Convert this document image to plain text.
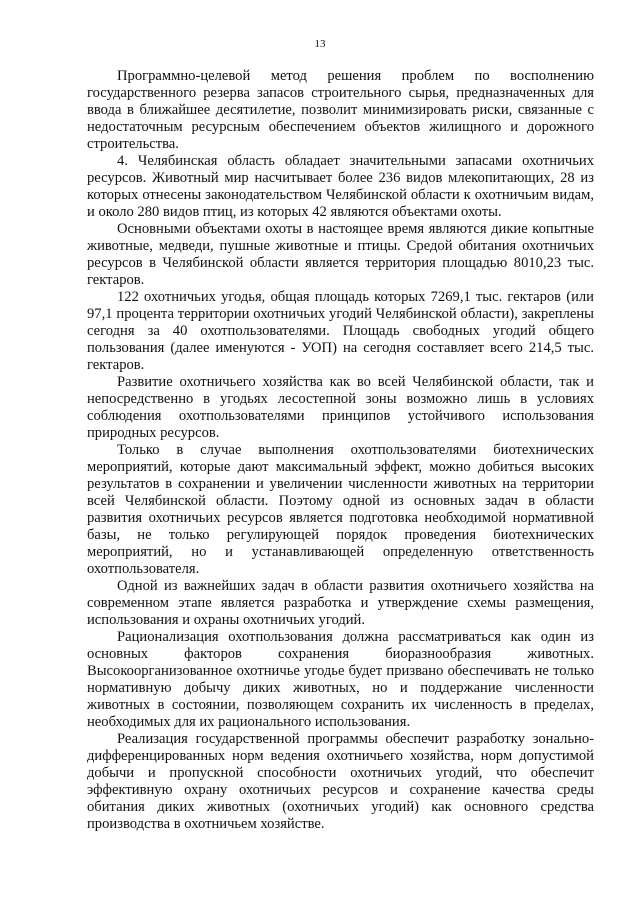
13

Программно-целевой метод решения проблем по восполнению государственного резерва запасов строительного сырья, предназначенных для ввода в ближайшее десятилетие, позволит минимизировать риски, связанные с недостаточным ресурсным обеспечением объектов жилищного и дорожного строительства.

4. Челябинская область обладает значительными запасами охотничьих ресурсов. Животный мир насчитывает более 236 видов млекопитающих, 28 из которых отнесены законодательством Челябинской области к охотничьим видам, и около 280 видов птиц, из которых 42 являются объектами охоты.

Основными объектами охоты в настоящее время являются дикие копытные животные, медведи, пушные животные и птицы. Средой обитания охотничьих ресурсов в Челябинской области является территория площадью 8010,23 тыс. гектаров.

122 охотничьих угодья, общая площадь которых 7269,1 тыс. гектаров (или 97,1 процента территории охотничьих угодий Челябинской области), закреплены сегодня за 40 охотпользователями. Площадь свободных угодий общего пользования (далее именуются - УОП) на сегодня составляет всего 214,5 тыс. гектаров.

Развитие охотничьего хозяйства как во всей Челябинской области, так и непосредственно в угодьях лесостепной зоны возможно лишь в условиях соблюдения охотпользователями принципов устойчивого использования природных ресурсов.

Только в случае выполнения охотпользователями биотехнических мероприятий, которые дают максимальный эффект, можно добиться высоких результатов в сохранении и увеличении численности животных на территории всей Челябинской области. Поэтому одной из основных задач в области развития охотничьих ресурсов является подготовка необходимой нормативной базы, не только регулирующей порядок проведения биотехнических мероприятий, но и устанавливающей определенную ответственность охотпользователя.

Одной из важнейших задач в области развития охотничьего хозяйства на современном этапе является разработка и утверждение схемы размещения, использования и охраны охотничьих угодий.

Рационализация охотпользования должна рассматриваться как один из основных факторов сохранения биоразнообразия животных. Высокоорганизованное охотничье угодье будет призвано обеспечивать не только нормативную добычу диких животных, но и поддержание численности животных в состоянии, позволяющем сохранить их численность в пределах, необходимых для их рационального использования.

Реализация государственной программы обеспечит разработку зонально-дифференцированных норм ведения охотничьего хозяйства, норм допустимой добычи и пропускной способности охотничьих угодий, что обеспечит эффективную охрану охотничьих ресурсов и сохранение качества среды обитания диких животных (охотничьих угодий) как основного средства производства в охотничьем хозяйстве.
